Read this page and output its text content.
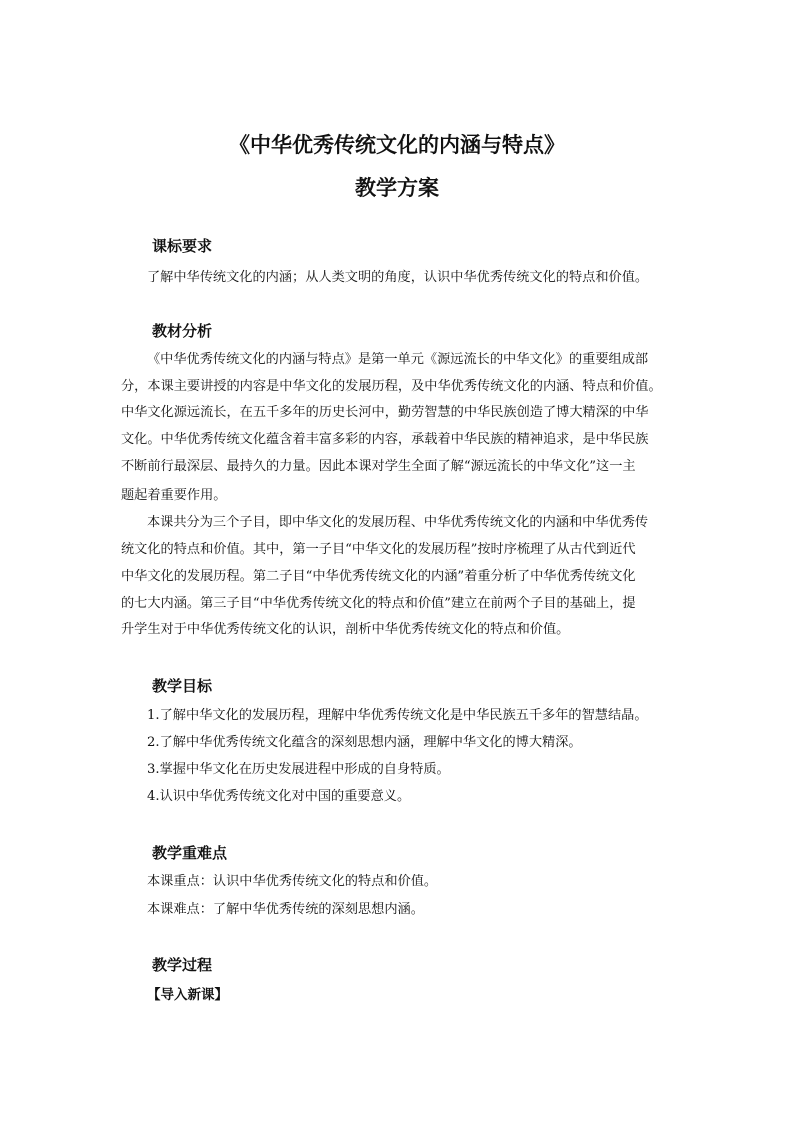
《中华优秀传统文化的内涵与特点》
教学方案
课标要求
了解中华传统文化的内涵；从人类文明的角度，认识中华优秀传统文化的特点和价值。
教材分析
《中华优秀传统文化的内涵与特点》是第一单元《源远流长的中华文化》的重要组成部
分，本课主要讲授的内容是中华文化的发展历程，及中华优秀传统文化的内涵、特点和价值。
中华文化源远流长，在五千多年的历史长河中，勤劳智慧的中华民族创造了博大精深的中华
文化。中华优秀传统文化蕴含着丰富多彩的内容，承载着中华民族的精神追求，是中华民族
不断前行最深层、最持久的力量。因此本课对学生全面了解“源远流长的中华文化”这一主
题起着重要作用。
本课共分为三个子目，即中华文化的发展历程、中华优秀传统文化的内涵和中华优秀传
统文化的特点和价值。其中，第一子目“中华文化的发展历程”按时序梳理了从古代到近代
中华文化的发展历程。第二子目“中华优秀传统文化的内涵”着重分析了中华优秀传统文化
的七大内涵。第三子目“中华优秀传统文化的特点和价值”建立在前两个子目的基础上，提
升学生对于中华优秀传统文化的认识，剖析中华优秀传统文化的特点和价值。
教学目标
1.了解中华文化的发展历程，理解中华优秀传统文化是中华民族五千多年的智慧结晶。
2.了解中华优秀传统文化蕴含的深刻思想内涵，理解中华文化的博大精深。
3.掌握中华文化在历史发展进程中形成的自身特质。
4.认识中华优秀传统文化对中国的重要意义。
教学重难点
本课重点：认识中华优秀传统文化的特点和价值。
本课难点：了解中华优秀传统的深刻思想内涵。
教学过程
【导入新课】
